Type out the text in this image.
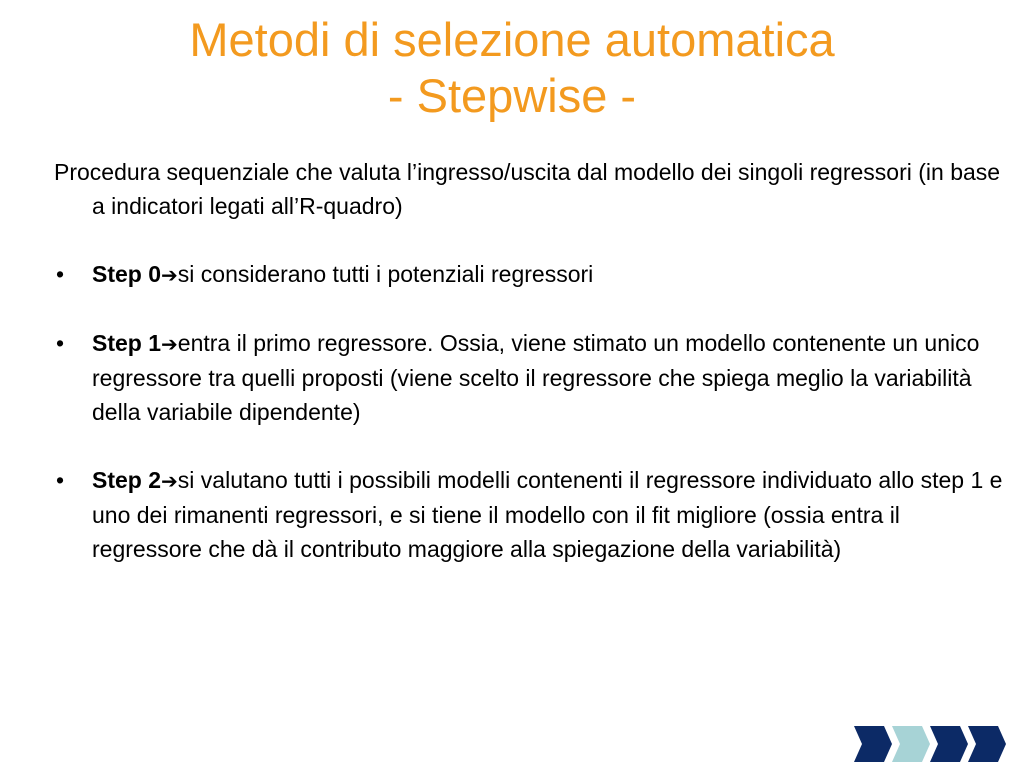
Metodi di selezione automatica
- Stepwise -

Procedura sequenziale che valuta l’ingresso/uscita dal modello dei singoli regressori (in base a indicatori legati all’R-quadro)

• Step 0➔si considerano tutti i potenziali regressori
• Step 1➔entra il primo regressore. Ossia, viene stimato un modello contenente un unico regressore tra quelli proposti (viene scelto il regressore che spiega meglio la variabilità della variabile dipendente)
• Step 2➔si valutano tutti i possibili modelli contenenti il regressore individuato allo step 1 e uno dei rimanenti regressori, e si tiene il modello con il fit migliore (ossia entra il regressore che dà il contributo maggiore alla spiegazione della variabilità)
